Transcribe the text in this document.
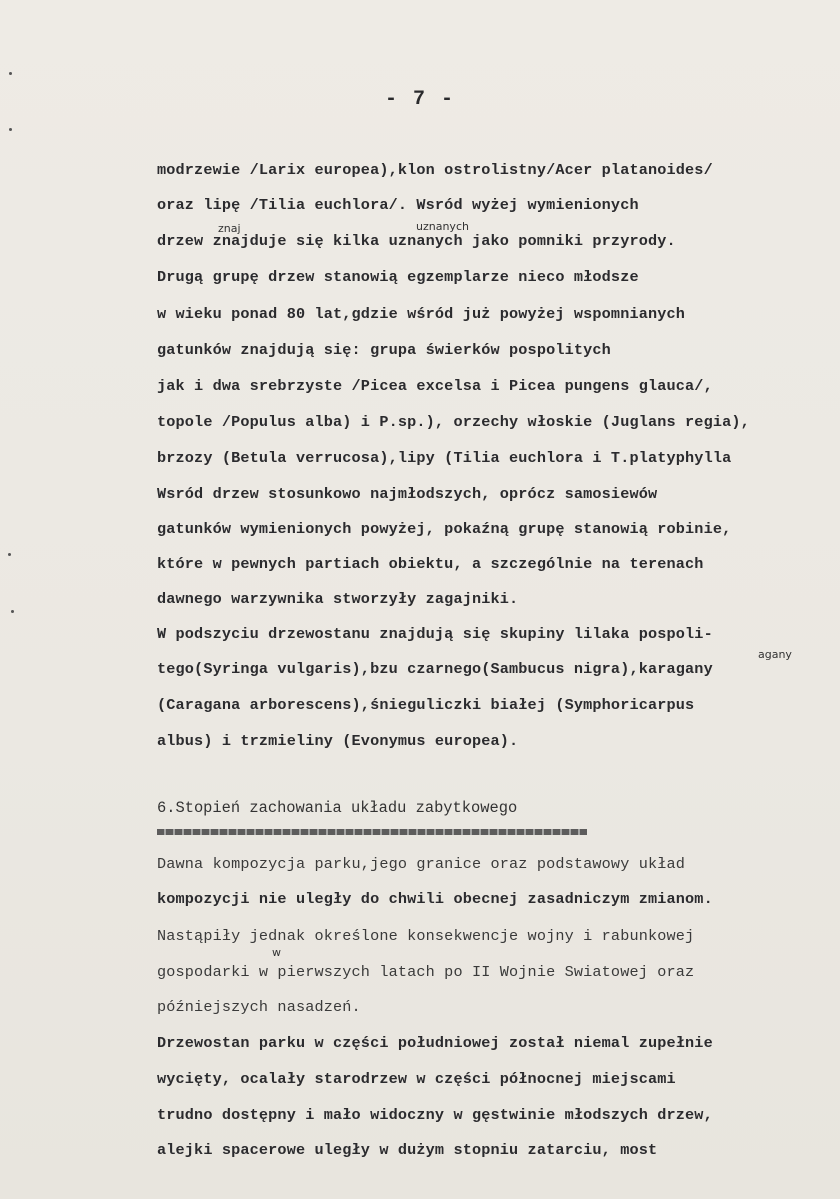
- 7 -
modrzewie /Larix europea),klon ostrolistny/Acer platanoides/
oraz lipę /Tilia euchlora/. Wsród wyżej wymienionych
drzew znajduje się kilka uznanych jako pomniki przyrody.
Drugą grupę drzew stanowią egzemplarze nieco młodsze
w wieku ponad 80 lat,gdzie wśród już powyżej wspomnianych
gatunków znajdują się: grupa świerków pospolitych
jak i dwa srebrzyste /Picea excelsa i Picea pungens glauca/,
topole /Populus alba) i P.sp.), orzechy włoskie (Juglans regia),
brzozy (Betula verrucosa),lipy (Tilia euchlora i T.platyphylla
Wsród drzew stosunkowo najmłodszych, oprócz samosiewów
gatunków wymienionych powyżej, pokaźną grupę stanowią robinie,
które w pewnych partiach obiektu, a szczególnie na terenach
dawnego warzywnika stworzyły zagajniki.
W podszyciu drzewostanu znajdują się skupiny lilaka pospoli-
tego(Syringa vulgaris),bzu czarnego(Sambucus nigra),karagany
(Caragana arborescens),śnieguliczki białej (Symphoricarpus
albus) i trzmieliny (Evonymus europea).
znaj	uznanych
agany
w
6.Stopień zachowania układu zabytkowego
Dawna kompozycja parku,jego granice oraz podstawowy układ
kompozycji nie uległy do chwili obecnej zasadniczym zmianom.
Nastąpiły jednak określone konsekwencje wojny i rabunkowej
gospodarki w pierwszych latach po II Wojnie Swiatowej oraz
późniejszych nasadzeń.
Drzewostan parku w części południowej został niemal zupełnie
wycięty, ocalały starodrzew w części północnej miejscami
trudno dostępny i mało widoczny w gęstwinie młodszych drzew,
alejki spacerowe uległy w dużym stopniu zatarciu, most
